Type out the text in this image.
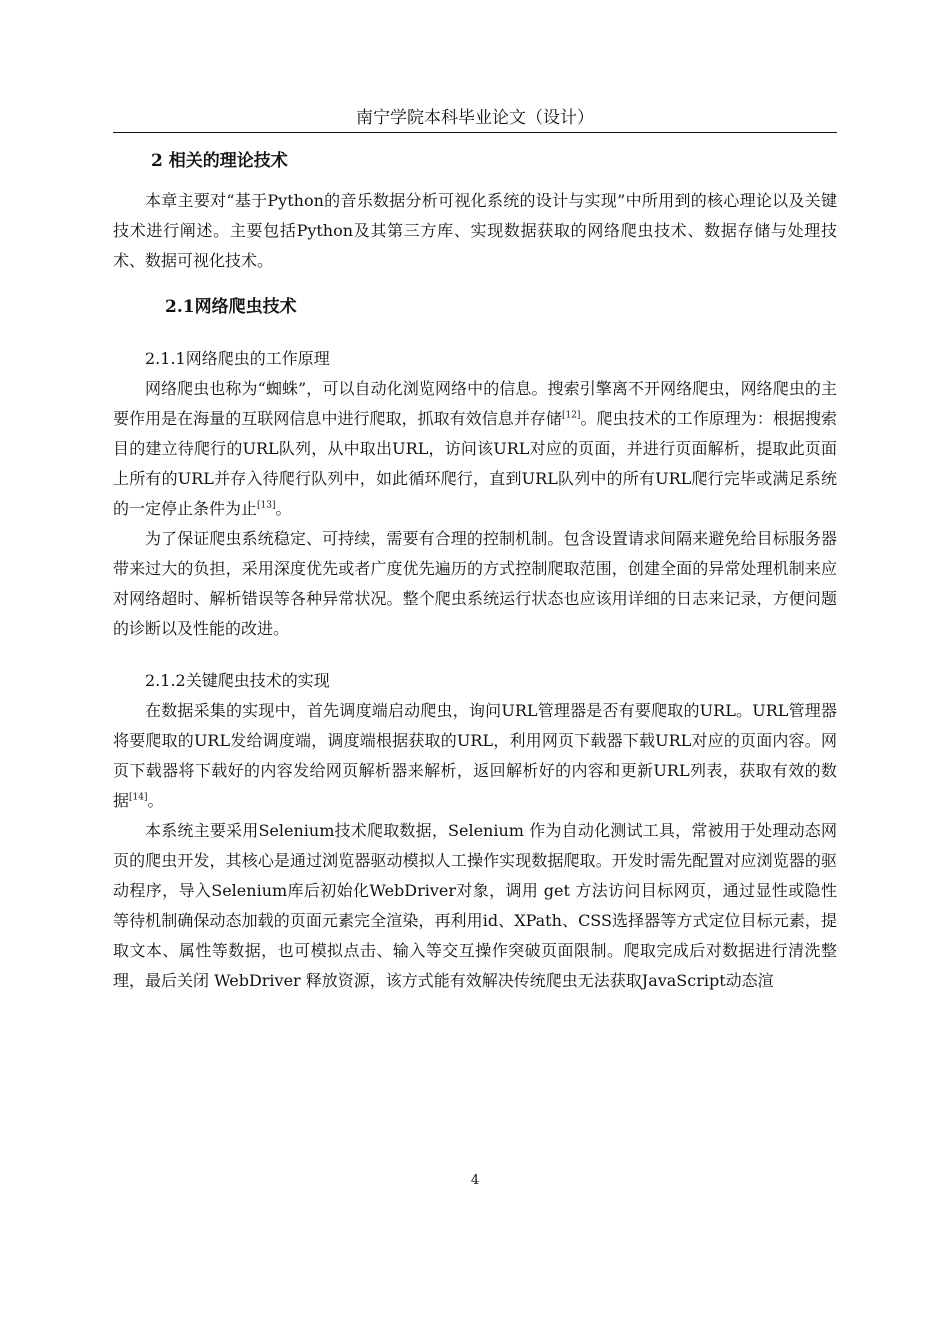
南宁学院本科毕业论文（设计）
2 相关的理论技术

本章主要对“基于Python的音乐数据分析可视化系统的设计与实现”中所用到的核心理论以及关键技术进行阐述。主要包括Python及其第三方库、实现数据获取的网络爬虫技术、数据存储与处理技术、数据可视化技术。

2.1网络爬虫技术
2.1.1网络爬虫的工作原理

网络爬虫也称为“蜘蛛”，可以自动化浏览网络中的信息。搜索引擎离不开网络爬虫，网络爬虫的主要作用是在海量的互联网信息中进行爬取，抓取有效信息并存储[12]。爬虫技术的工作原理为：根据搜索目的建立待爬行的URL队列，从中取出URL，访问该URL对应的页面，并进行页面解析，提取此页面上所有的URL并存入待爬行队列中，如此循环爬行，直到URL队列中的所有URL爬行完毕或满足系统的一定停止条件为止[13]。

为了保证爬虫系统稳定、可持续，需要有合理的控制机制。包含设置请求间隔来避免给目标服务器带来过大的负担，采用深度优先或者广度优先遍历的方式控制爬取范围，创建全面的异常处理机制来应对网络超时、解析错误等各种异常状况。整个爬虫系统运行状态也应该用详细的日志来记录，方便问题的诊断以及性能的改进。

2.1.2关键爬虫技术的实现

在数据采集的实现中，首先调度端启动爬虫，询问URL管理器是否有要爬取的URL。URL管理器将要爬取的URL发给调度端，调度端根据获取的URL，利用网页下载器下载URL对应的页面内容。网页下载器将下载好的内容发给网页解析器来解析，返回解析好的内容和更新URL列表，获取有效的数据[14]。

本系统主要采用Selenium技术爬取数据，Selenium 作为自动化测试工具，常被用于处理动态网页的爬虫开发，其核心是通过浏览器驱动模拟人工操作实现数据爬取。开发时需先配置对应浏览器的驱动程序，导入Selenium库后初始化WebDriver对象，调用 get 方法访问目标网页，通过显性或隐性等待机制确保动态加载的页面元素完全渲染，再利用id、XPath、CSS选择器等方式定位目标元素，提取文本、属性等数据，也可模拟点击、输入等交互操作突破页面限制。爬取完成后对数据进行清洗整理，最后关闭 WebDriver 释放资源，该方式能有效解决传统爬虫无法获取JavaScript动态渲

4
